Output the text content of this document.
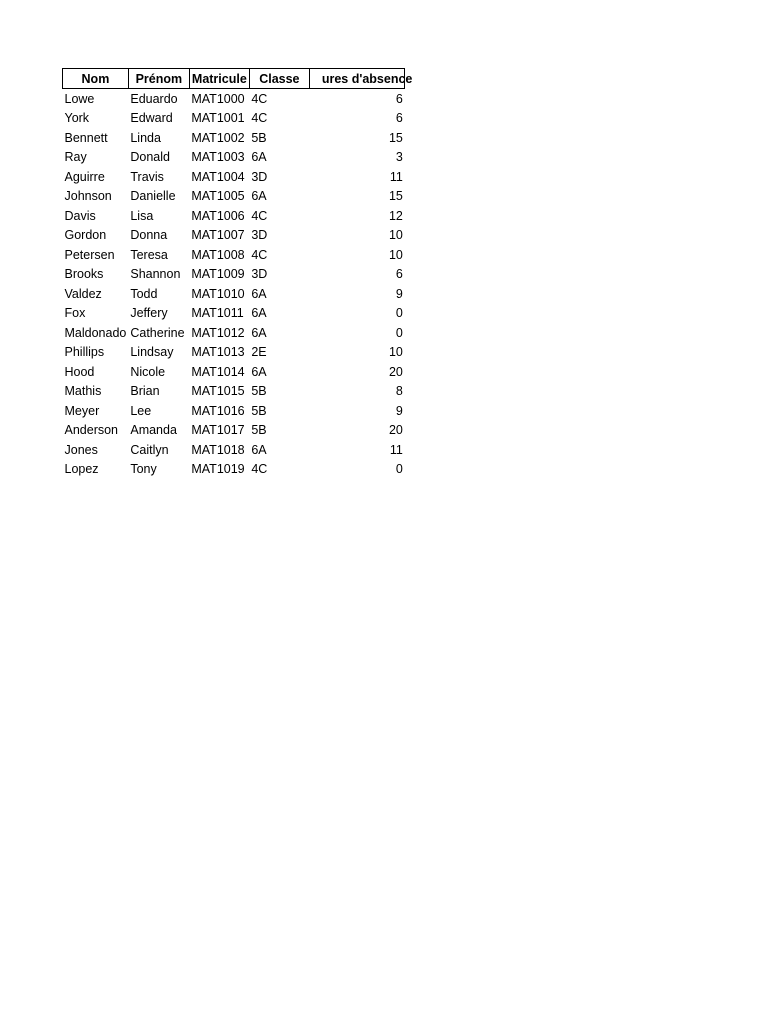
Nom	Prénom	Matricule	Classe	ures d'absence
Lowe	Eduardo	MAT1000	4C	6
York	Edward	MAT1001	4C	6
Bennett	Linda	MAT1002	5B	15
Ray	Donald	MAT1003	6A	3
Aguirre	Travis	MAT1004	3D	11
Johnson	Danielle	MAT1005	6A	15
Davis	Lisa	MAT1006	4C	12
Gordon	Donna	MAT1007	3D	10
Petersen	Teresa	MAT1008	4C	10
Brooks	Shannon	MAT1009	3D	6
Valdez	Todd	MAT1010	6A	9
Fox	Jeffery	MAT1011	6A	0
Maldonado	Catherine	MAT1012	6A	0
Phillips	Lindsay	MAT1013	2E	10
Hood	Nicole	MAT1014	6A	20
Mathis	Brian	MAT1015	5B	8
Meyer	Lee	MAT1016	5B	9
Anderson	Amanda	MAT1017	5B	20
Jones	Caitlyn	MAT1018	6A	11
Lopez	Tony	MAT1019	4C	0
